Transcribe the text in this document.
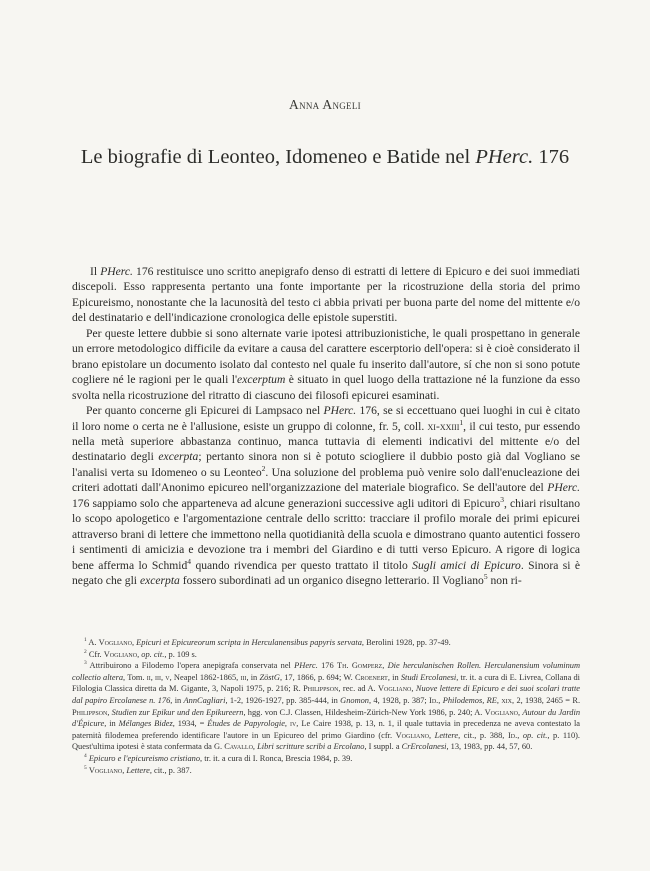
Anna Angeli
Le biografie di Leonteo, Idomeneo e Batide nel PHerc. 176

Il PHerc. 176 restituisce uno scritto anepigrafo denso di estratti di lettere di Epicuro e dei suoi immediati discepoli. Esso rappresenta pertanto una fonte importante per la ricostruzione della storia del primo Epicureismo, nonostante che la lacunosità del testo ci abbia privati per buona parte del nome del mittente e/o del destinatario e dell'indicazione cronologica delle epistole superstiti.

Per queste lettere dubbie si sono alternate varie ipotesi attribuzionistiche, le quali prospettano in generale un errore metodologico difficile da evitare a causa del carattere escerptorio dell'opera: si è cioè considerato il brano epistolare un documento isolato dal contesto nel quale fu inserito dall'autore, sí che non si sono potute cogliere né le ragioni per le quali l'excerptum è situato in quel luogo della trattazione né la funzione da esso svolta nella ricostruzione del ritratto di ciascuno dei filosofi epicurei esaminati.

Per quanto concerne gli Epicurei di Lampsaco nel PHerc. 176, se si eccettuano quei luoghi in cui è citato il loro nome o certa ne è l'allusione, esiste un gruppo di colonne, fr. 5, coll. xi-xxiii$^1$, il cui testo, pur essendo nella metà superiore abbastanza continuo, manca tuttavia di elementi indicativi del mittente e/o del destinatario degli excerpta; pertanto sinora non si è potuto sciogliere il dubbio posto già dal Vogliano se l'analisi verta su Idomeneo o su Leonteo$^2$. Una soluzione del problema può venire solo dall'enucleazione dei criteri adottati dall'Anonimo epicureo nell'organizzazione del materiale biografico. Se dell'autore del PHerc. 176 sappiamo solo che apparteneva ad alcune generazioni successive agli uditori di Epicuro$^3$, chiari risultano lo scopo apologetico e l'argomentazione centrale dello scritto: tracciare il profilo morale dei primi epicurei attraverso brani di lettere che immettono nella quotidianità della scuola e dimostrano quanto autentici fossero i sentimenti di amicizia e devozione tra i membri del Giardino e di tutti verso Epicuro. A rigore di logica bene afferma lo Schmid$^4$ quando rivendica per questo trattato il titolo Sugli amici di Epicuro. Sinora si è negato che gli excerpta fossero subordinati ad un organico disegno letterario. Il Vogliano$^5$ non ri-

$^1$ A. Vogliano, Epicuri et Epicureorum scripta in Herculanensibus papyris servata, Berolini 1928, pp. 37-49.

$^2$ Cfr. Vogliano, op. cit., p. 109 s.

$^3$ Attribuirono a Filodemo l'opera anepigrafa conservata nel PHerc. 176 Th. Gomperz, Die herculanischen Rollen. Herculanensium voluminum collectio altera, Tom. ii, iii, v, Neapel 1862-1865, iii, in ZöstG, 17, 1866, p. 694; W. Croenert, in Studi Ercolanesi, tr. it. a cura di E. Livrea, Collana di Filologia Classica diretta da M. Gigante, 3, Napoli 1975, p. 216; R. Philippson, rec. ad A. Vogliano, Nuove lettere di Epicuro e dei suoi scolari tratte dal papiro Ercolanese n. 176, in AnnCagliari, 1-2, 1926-1927, pp. 385-444, in Gnomon, 4, 1928, p. 387; Id., Philodemos, RE, xix, 2, 1938, 2465 = R. Philippson, Studien zur Epikur und den Epikureern, hgg. von C.J. Classen, Hildesheim-Zürich-New York 1986, p. 240; A. Vogliano, Autour du Jardin d'Épicure, in Mélanges Bidez, 1934, = Études de Papyrologie, iv, Le Caire 1938, p. 13, n. 1, il quale tuttavia in precedenza ne aveva contestato la paternità filodemea preferendo identificare l'autore in un Epicureo del primo Giardino (cfr. Vogliano, Lettere, cit., p. 388, Id., op. cit., p. 110). Quest'ultima ipotesi è stata confermata da G. Cavallo, Libri scritture scribi a Ercolano, I suppl. a CrErcolanesi, 13, 1983, pp. 44, 57, 60.

$^4$ Epicuro e l'epicureismo cristiano, tr. it. a cura di I. Ronca, Brescia 1984, p. 39.

$^5$ Vogliano, Lettere, cit., p. 387.
